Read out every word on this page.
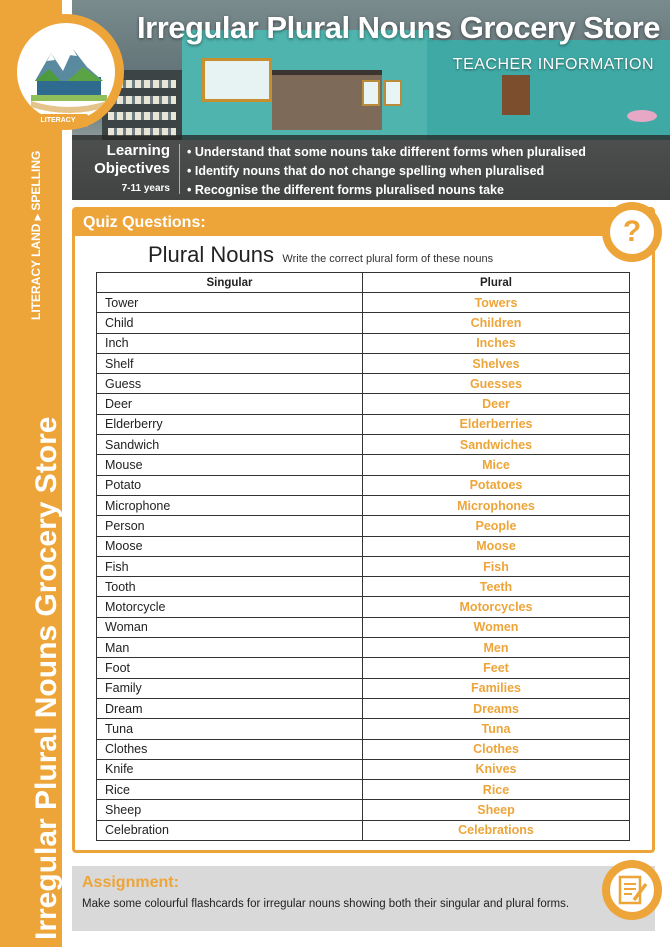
Irregular Plural Nouns Grocery Store
LITERACY LAND▶SPELLING
Irregular Plural Nouns Grocery Store
TEACHER INFORMATION
Learning Objectives
7-11 years
• Understand that some nouns take different forms when pluralised
• Identify nouns that do not change spelling when pluralised
• Recognise the different forms pluralised nouns take
LITERACY
Quiz Questions:	?
Plural Nouns Write the correct plural form of these nouns
Singular	Plural
Tower	Towers
Child	Children
Inch	Inches
Shelf	Shelves
Guess	Guesses
Deer	Deer
Elderberry	Elderberries
Sandwich	Sandwiches
Mouse	Mice
Potato	Potatoes
Microphone	Microphones
Person	People
Moose	Moose
Fish	Fish
Tooth	Teeth
Motorcycle	Motorcycles
Woman	Women
Man	Men
Foot	Feet
Family	Families
Dream	Dreams
Tuna	Tuna
Clothes	Clothes
Knife	Knives
Rice	Rice
Sheep	Sheep
Celebration	Celebrations
Assignment:
Make some colourful flashcards for irregular nouns showing both their singular and plural forms.
